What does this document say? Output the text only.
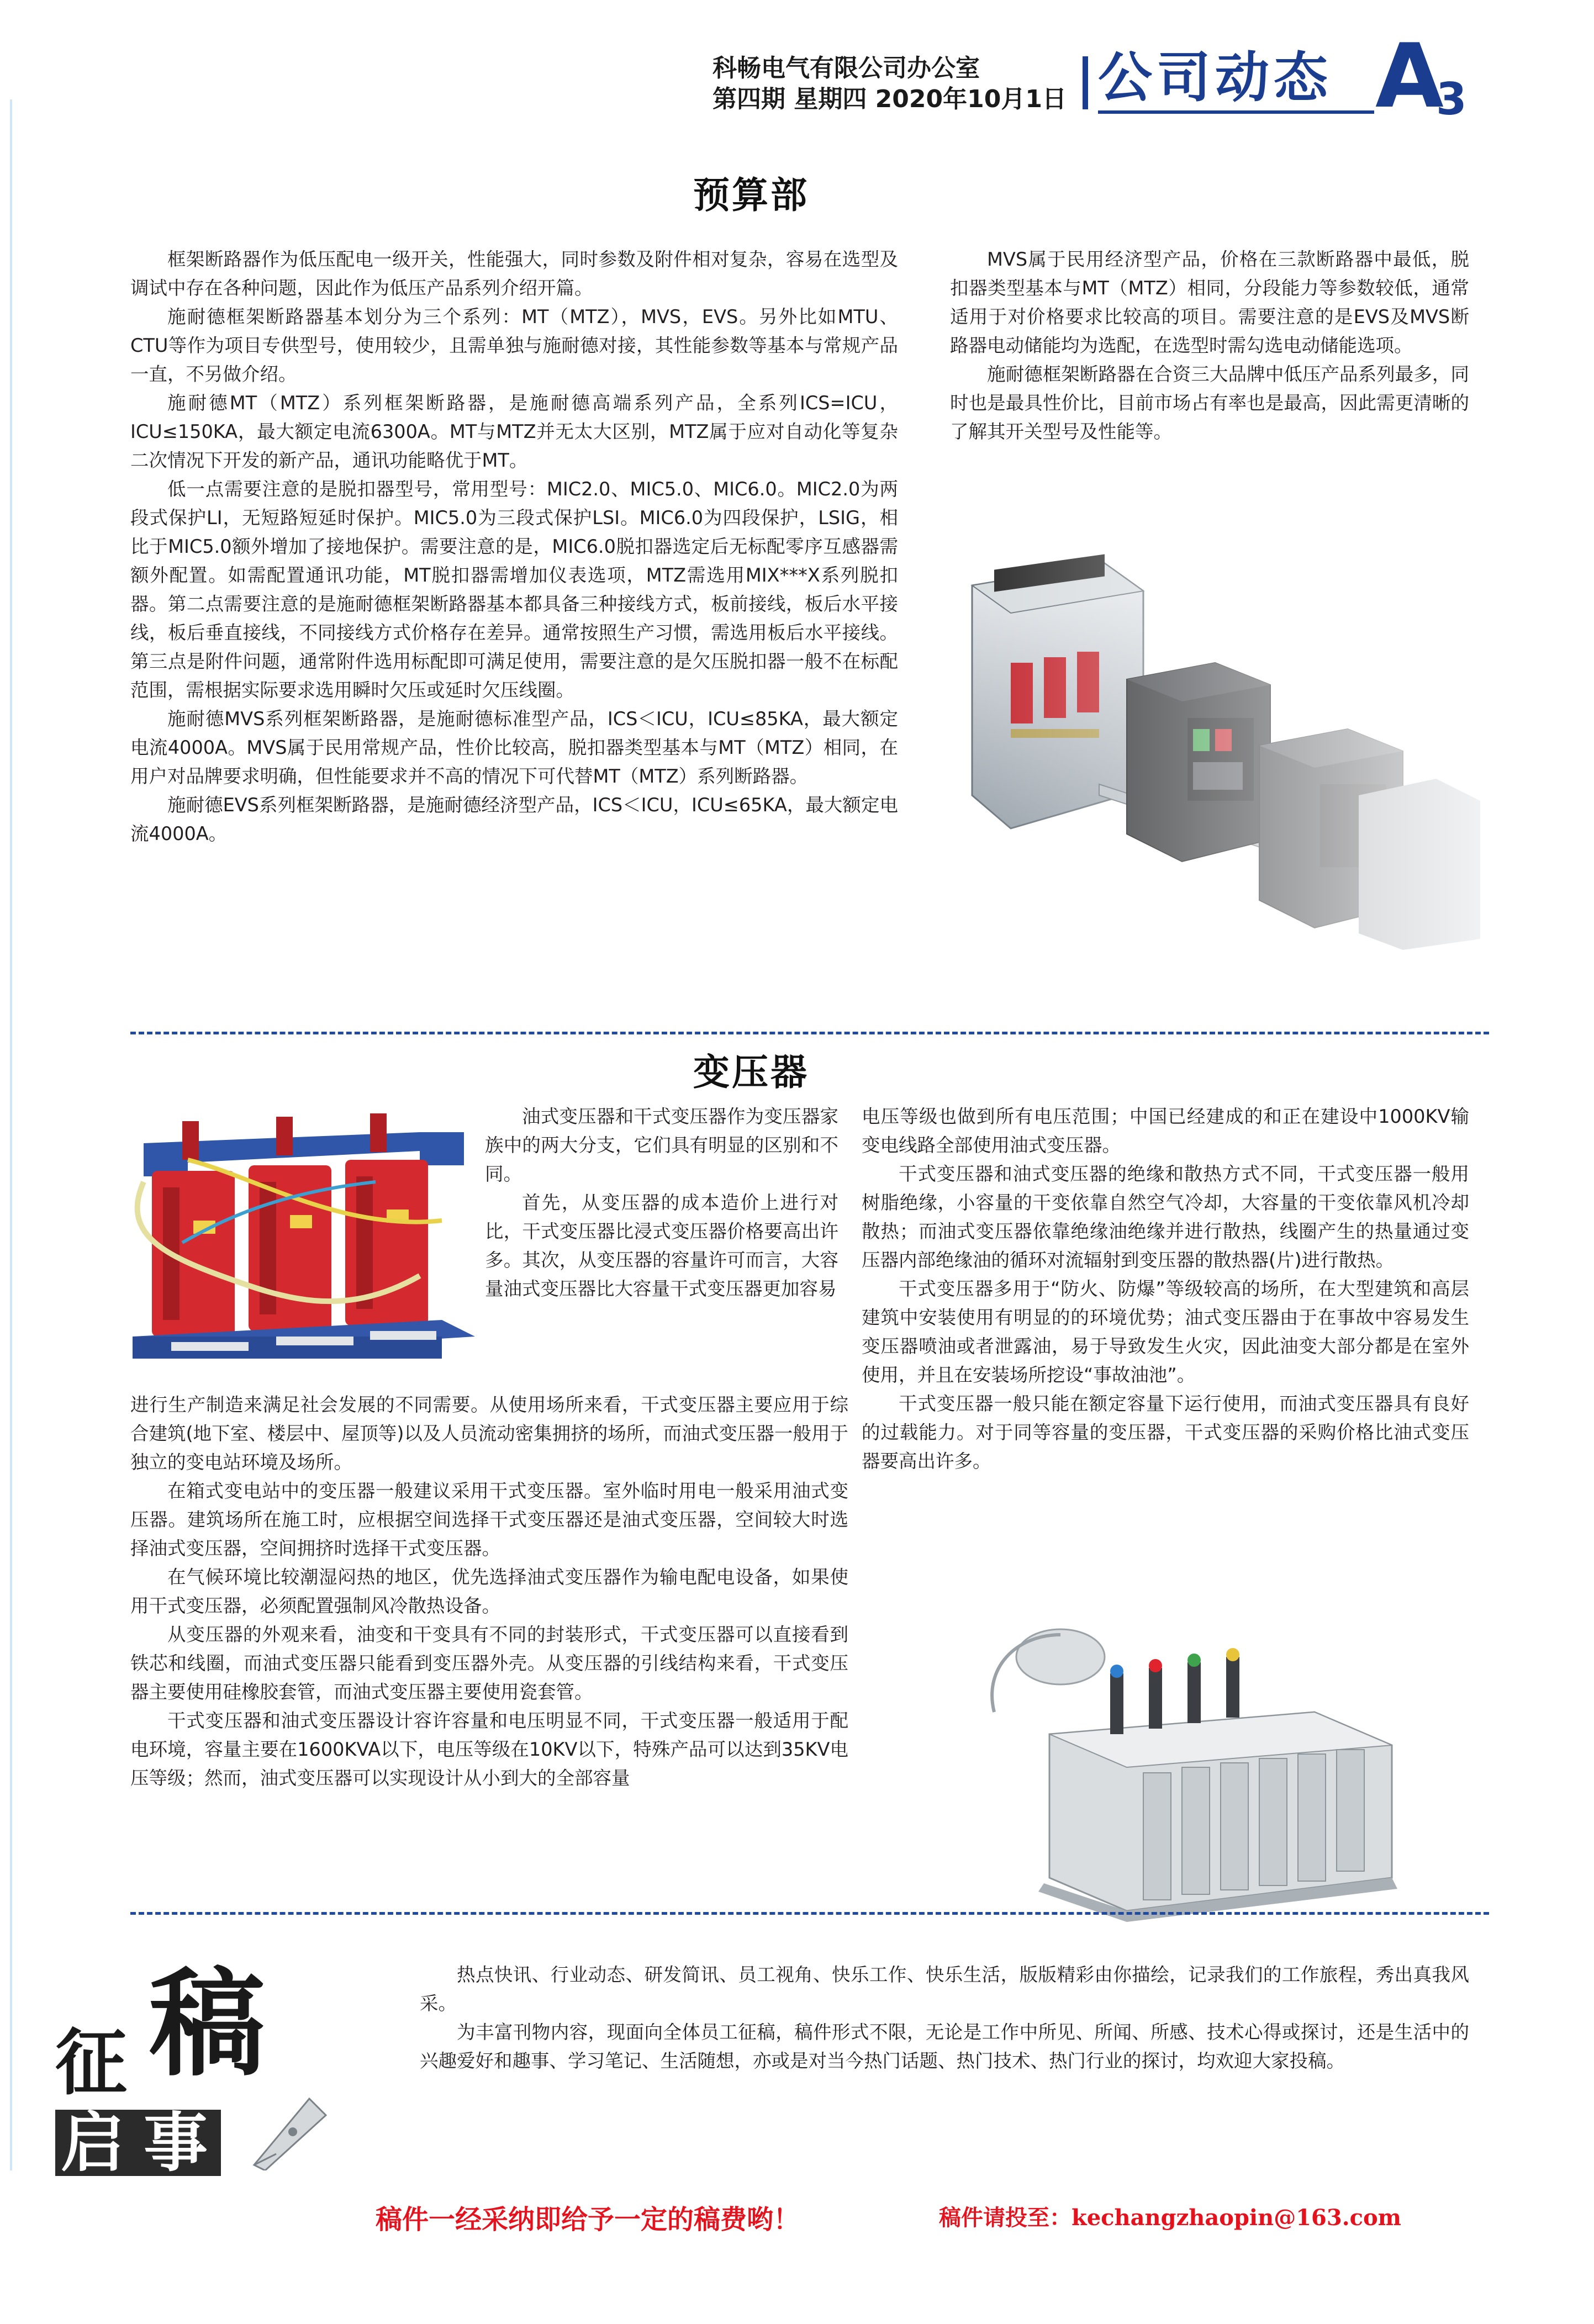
科畅电气有限公司办公室
第四期 星期四 2020年10月1日 公司动态 A
3
预算部

框架断路器作为低压配电一级开关，性能强大，同时参数及附件相对复杂，容易在选型及调试中存在各种问题，因此作为低压产品系列介绍开篇。

施耐德框架断路器基本划分为三个系列：MT（MTZ），MVS，EVS。另外比如MTU、CTU等作为项目专供型号，使用较少，且需单独与施耐德对接，其性能参数等基本与常规产品一直，不另做介绍。

施耐德MT（MTZ）系列框架断路器，是施耐德高端系列产品，全系列ICS=ICU，ICU≤150KA，最大额定电流6300A。MT与MTZ并无太大区别，MTZ属于应对自动化等复杂二次情况下开发的新产品，通讯功能略优于MT。

低一点需要注意的是脱扣器型号，常用型号：MIC2.0、MIC5.0、MIC6.0。MIC2.0为两段式保护LI，无短路短延时保护。MIC5.0为三段式保护LSI。MIC6.0为四段保护，LSIG，相比于MIC5.0额外增加了接地保护。需要注意的是，MIC6.0脱扣器选定后无标配零序互感器需额外配置。如需配置通讯功能，MT脱扣器需增加仪表选项，MTZ需选用MIX***X系列脱扣器。第二点需要注意的是施耐德框架断路器基本都具备三种接线方式，板前接线，板后水平接线，板后垂直接线，不同接线方式价格存在差异。通常按照生产习惯，需选用板后水平接线。第三点是附件问题，通常附件选用标配即可满足使用，需要注意的是欠压脱扣器一般不在标配范围，需根据实际要求选用瞬时欠压或延时欠压线圈。

施耐德MVS系列框架断路器，是施耐德标准型产品，ICS＜ICU，ICU≤85KA，最大额定电流4000A。MVS属于民用常规产品，性价比较高，脱扣器类型基本与MT（MTZ）相同，在用户对品牌要求明确，但性能要求并不高的情况下可代替MT（MTZ）系列断路器。

施耐德EVS系列框架断路器，是施耐德经济型产品，ICS＜ICU，ICU≤65KA，最大额定电流4000A。

MVS属于民用经济型产品，价格在三款断路器中最低，脱扣器类型基本与MT（MTZ）相同，分段能力等参数较低，通常适用于对价格要求比较高的项目。需要注意的是EVS及MVS断路器电动储能均为选配，在选型时需勾选电动储能选项。

施耐德框架断路器在合资三大品牌中低压产品系列最多，同时也是最具性价比，目前市场占有率也是最高，因此需更清晰的了解其开关型号及性能等。

变压器

油式变压器和干式变压器作为变压器家族中的两大分支，它们具有明显的区别和不同。

首先，从变压器的成本造价上进行对比，干式变压器比浸式变压器价格要高出许多。其次，从变压器的容量许可而言，大容量油式变压器比大容量干式变压器更加容易

进行生产制造来满足社会发展的不同需要。从使用场所来看，干式变压器主要应用于综合建筑(地下室、楼层中、屋顶等)以及人员流动密集拥挤的场所，而油式变压器一般用于独立的变电站环境及场所。

在箱式变电站中的变压器一般建议采用干式变压器。室外临时用电一般采用油式变压器。建筑场所在施工时，应根据空间选择干式变压器还是油式变压器，空间较大时选择油式变压器，空间拥挤时选择干式变压器。

在气候环境比较潮湿闷热的地区，优先选择油式变压器作为输电配电设备，如果使用干式变压器，必须配置强制风冷散热设备。

从变压器的外观来看，油变和干变具有不同的封装形式，干式变压器可以直接看到铁芯和线圈，而油式变压器只能看到变压器外壳。从变压器的引线结构来看，干式变压器主要使用硅橡胶套管，而油式变压器主要使用瓷套管。

干式变压器和油式变压器设计容许容量和电压明显不同，干式变压器一般适用于配电环境，容量主要在1600KVA以下，电压等级在10KV以下，特殊产品可以达到35KV电压等级；然而，油式变压器可以实现设计从小到大的全部容量

电压等级也做到所有电压范围；中国已经建成的和正在建设中1000KV输变电线路全部使用油式变压器。

干式变压器和油式变压器的绝缘和散热方式不同，干式变压器一般用树脂绝缘，小容量的干变依靠自然空气冷却，大容量的干变依靠风机冷却散热；而油式变压器依靠绝缘油绝缘并进行散热，线圈产生的热量通过变压器内部绝缘油的循环对流辐射到变压器的散热器(片)进行散热。

干式变压器多用于“防火、防爆”等级较高的场所，在大型建筑和高层建筑中安装使用有明显的的环境优势；油式变压器由于在事故中容易发生变压器喷油或者泄露油，易于导致发生火灾，因此油变大部分都是在室外使用，并且在安装场所挖设“事故油池”。

干式变压器一般只能在额定容量下运行使用，而油式变压器具有良好的过载能力。对于同等容量的变压器，干式变压器的采购价格比油式变压器要高出许多。

征 稿
启 事

热点快讯、行业动态、研发简讯、员工视角、快乐工作、快乐生活，版版精彩由你描绘，记录我们的工作旅程，秀出真我风采。

为丰富刊物内容，现面向全体员工征稿，稿件形式不限，无论是工作中所见、所闻、所感、技术心得或探讨，还是生活中的兴趣爱好和趣事、学习笔记、生活随想，亦或是对当今热门话题、热门技术、热门行业的探讨，均欢迎大家投稿。

稿件一经采纳即给予一定的稿费哟！	稿件请投至：kechangzhaopin@163.com
